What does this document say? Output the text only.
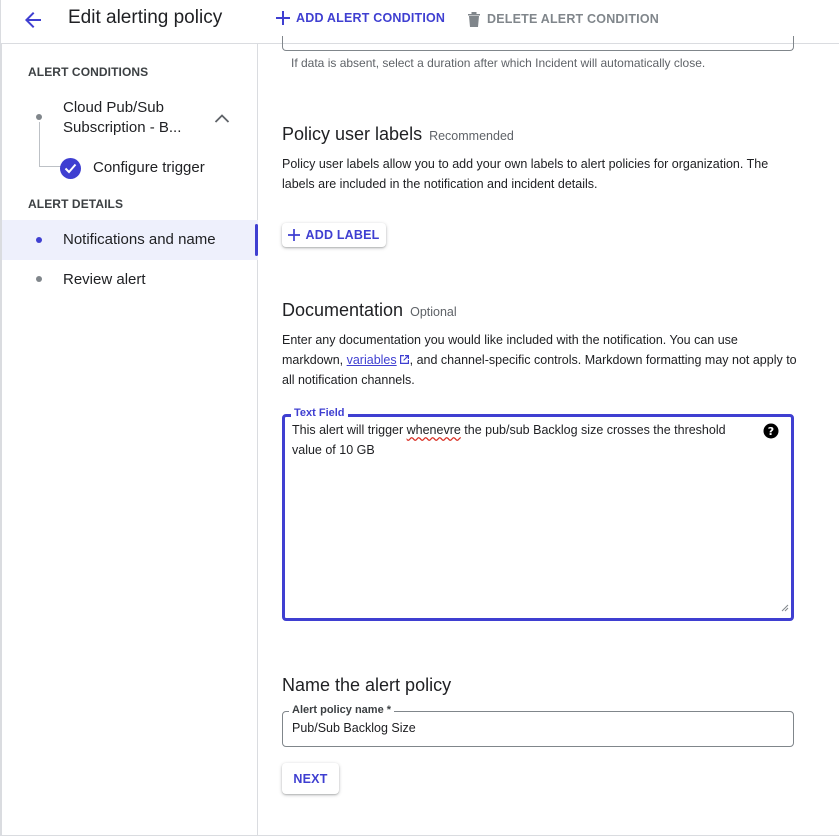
Edit alerting policy	ADD ALERT CONDITION	DELETE ALERT CONDITION
ALERT CONDITIONS
Cloud Pub/Sub
Subscription - B...
Configure trigger
ALERT DETAILS
Notifications and name
Review alert
If data is absent, select a duration after which Incident will automatically close.
Policy user labels Recommended
Policy user labels allow you to add your own labels to alert policies for organization. The labels are included in the notification and incident details.
ADD LABEL
Documentation Optional
Enter any documentation you would like included with the notification. You can use markdown, variables , and channel-specific controls. Markdown formatting may not apply to all notification channels.
Text Field
This alert will trigger whenevre the pub/sub Backlog size crosses the threshold value of 10 GB
?
Name the alert policy
Alert policy name *
Pub/Sub Backlog Size
NEXT
